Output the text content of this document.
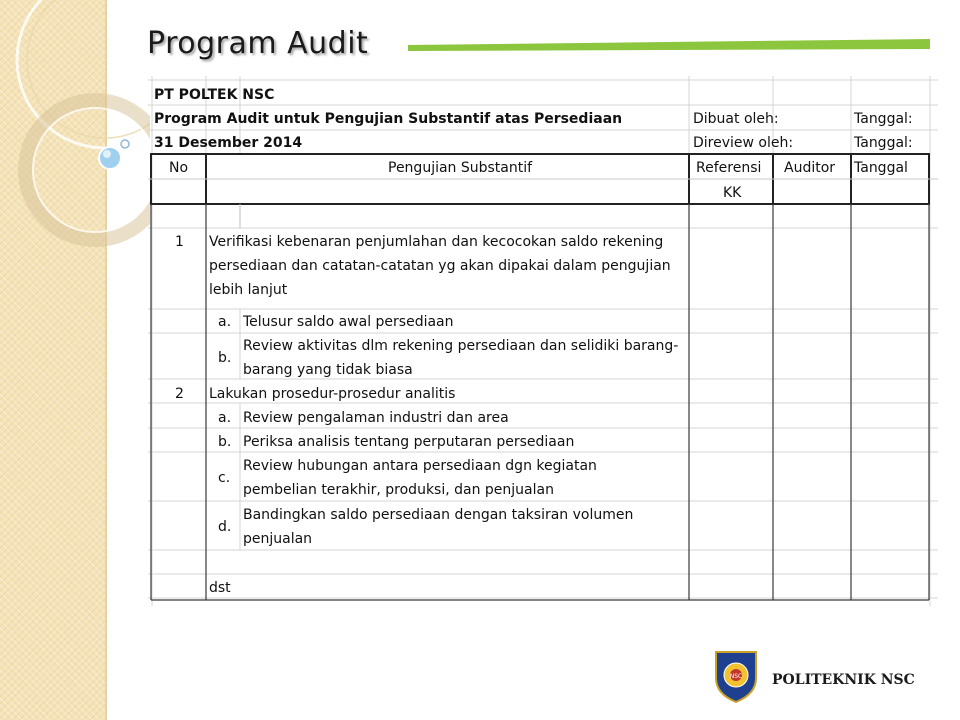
Program Audit
PT POLTEK NSC
Program Audit untuk Pengujian Substantif atas Persediaan
31 Desember 2014
Dibuat oleh:
Direview oleh:
Tanggal:
Tanggal:
No	Pengujian Substantif	Referensi
KK
Auditor Tanggal
1 Verifikasi kebenaran penjumlahan dan kecocokan saldo rekening persediaan dan catatan-catatan yg akan dipakai dalam pengujian lebih lanjut
a. Telusur saldo awal persediaan
b.
Review aktivitas dlm rekening persediaan dan selidiki barang-barang yang tidak biasa
2 Lakukan prosedur-prosedur analitis
a. Review pengalaman industri dan area
b. Periksa analisis tentang perputaran persediaan
c.
Review hubungan antara persediaan dgn kegiatan pembelian terakhir, produksi, dan penjualan
d.
Bandingkan saldo persediaan dengan taksiran volumen penjualan
dst
NSC POLITEKNIK NSC
